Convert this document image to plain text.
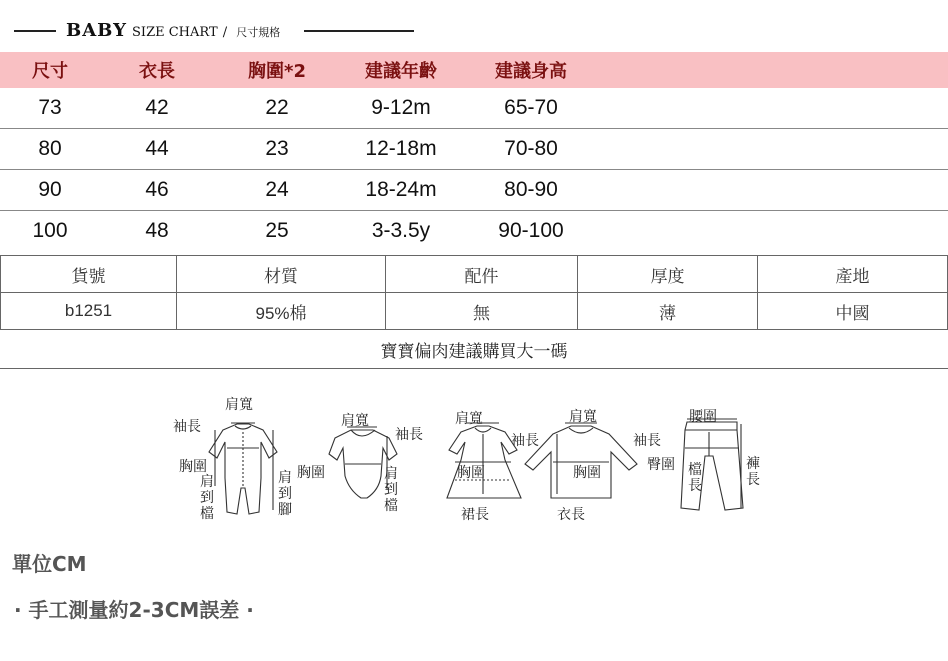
BABY SIZE CHART / 尺寸規格
尺寸	衣長	胸圍*2	建議年齡	建議身高
73	42	22	9-12m	65-70
80	44	23	12-18m	70-80
90	46	24	18-24m	80-90
100	48	25	3-3.5y	90-100
貨號	材質	配件	厚度	產地
b1251	95%棉	無	薄	中國
寶寶偏肉建議購買大一碼
肩寬
袖長
胸圍
肩到檔
肩到腳
肩寬
袖長
胸圍	肩到檔
肩寬
袖長
胸圍
裙長
肩寬
袖長
胸圍
衣長
腰圍
臀圍 檔長
褲長
單位CM
· 手工測量約2-3CM誤差 ·
